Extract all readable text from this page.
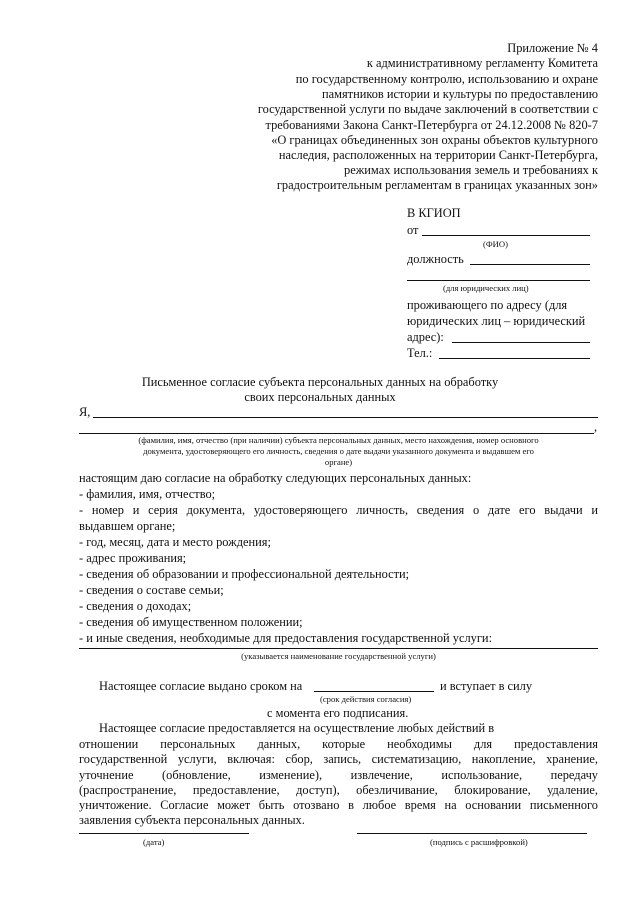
Приложение № 4
к административному регламенту Комитета
по государственному контролю, использованию и охране
памятников истории и культуры по предоставлению
государственной услуги по выдаче заключений в соответствии с
требованиями Закона Санкт-Петербурга от 24.12.2008 № 820-7
«О границах объединенных зон охраны объектов культурного
наследия, расположенных на территории Санкт-Петербурга,
режимах использования земель и требованиях к
градостроительным регламентам в границах указанных зон»
В КГИОП
от
(ФИО)
должность
(для юридических лиц)
проживающего по адресу (для
юридических лиц – юридический
адрес):
Тел.:
Письменное согласие субъекта персональных данных на обработку
своих персональных данных
Я,
,
(фамилия, имя, отчество (при наличии) субъекта персональных данных, место нахождения, номер основного
документа, удостоверяющего его личность, сведения о дате выдачи указанного документа и выдавшем его
органе)
настоящим даю согласие на обработку следующих персональных данных:
- фамилия, имя, отчество;
- номер и серия документа, удостоверяющего личность, сведения о дате его выдачи и
выдавшем органе;
- год, месяц, дата и место рождения;
- адрес проживания;
- сведения об образовании и профессиональной деятельности;
- сведения о составе семьи;
- сведения о доходах;
- сведения об имущественном положении;
- и иные сведения, необходимые для предоставления государственной услуги:
(указывается наименование государственной услуги)
Настоящее согласие выдано сроком на	и вступает в силу
(срок действия согласия)
с момента его подписания.
Настоящее согласие предоставляется на осуществление любых действий в
отношении персональных данных, которые необходимы для предоставления
государственной услуги, включая: сбор, запись, систематизацию, накопление, хранение,
уточнение (обновление, изменение), извлечение, использование, передачу
(распространение, предоставление, доступ), обезличивание, блокирование, удаление,
уничтожение. Согласие может быть отозвано в любое время на основании письменного
заявления субъекта персональных данных.
(дата)	(подпись с расшифровкой)
